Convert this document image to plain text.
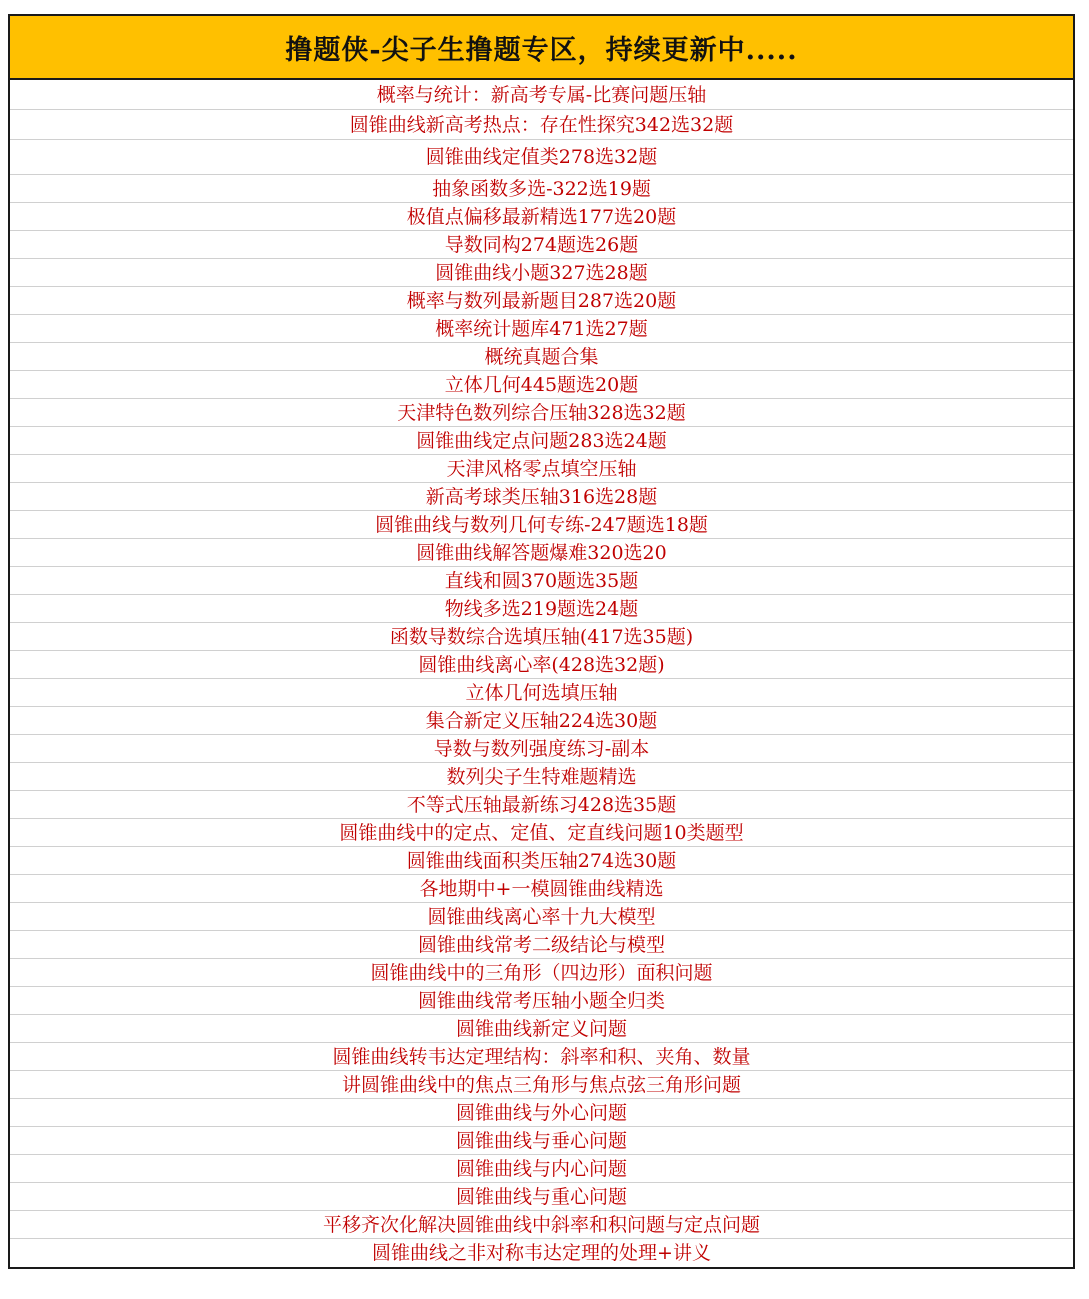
撸题侠-尖子生撸题专区，持续更新中.....
概率与统计：新高考专属-比赛问题压轴
圆锥曲线新高考热点：存在性探究342选32题
圆锥曲线定值类278选32题
抽象函数多选-322选19题
极值点偏移最新精选177选20题
导数同构274题选26题
圆锥曲线小题327选28题
概率与数列最新题目287选20题
概率统计题库471选27题
概统真题合集
立体几何445题选20题
天津特色数列综合压轴328选32题
圆锥曲线定点问题283选24题
天津风格零点填空压轴
新高考球类压轴316选28题
圆锥曲线与数列几何专练-247题选18题
圆锥曲线解答题爆难320选20
直线和圆370题选35题
物线多选219题选24题
函数导数综合选填压轴(417选35题)
圆锥曲线离心率(428选32题)
立体几何选填压轴
集合新定义压轴224选30题
导数与数列强度练习-副本
数列尖子生特难题精选
不等式压轴最新练习428选35题
圆锥曲线中的定点、定值、定直线问题10类题型
圆锥曲线面积类压轴274选30题
各地期中+一模圆锥曲线精选
圆锥曲线离心率十九大模型
圆锥曲线常考二级结论与模型
圆锥曲线中的三角形（四边形）面积问题
圆锥曲线常考压轴小题全归类
圆锥曲线新定义问题
圆锥曲线转韦达定理结构：斜率和积、夹角、数量
讲圆锥曲线中的焦点三角形与焦点弦三角形问题
圆锥曲线与外心问题
圆锥曲线与垂心问题
圆锥曲线与内心问题
圆锥曲线与重心问题
平移齐次化解决圆锥曲线中斜率和积问题与定点问题
圆锥曲线之非对称韦达定理的处理+讲义
